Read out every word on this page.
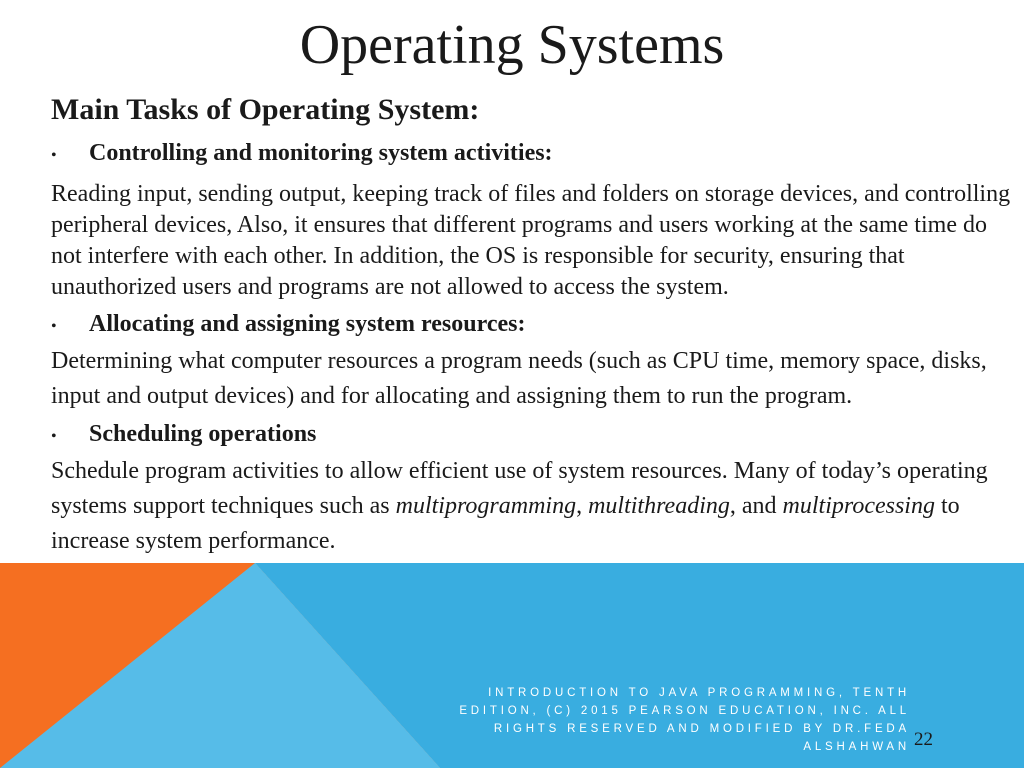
Operating Systems
Main Tasks of Operating System:
•	Controlling and monitoring system activities:

Reading input, sending output, keeping track of files and folders on storage devices, and controlling peripheral devices, Also, it ensures that different programs and users working at the same time do not interfere with each other. In addition, the OS is responsible for security, ensuring that unauthorized users and programs are not allowed to access the system.

•	Allocating and assigning system resources:

Determining what computer resources a program needs (such as CPU time, memory space, disks, input and output devices) and for allocating and assigning them to run the program.

•	Scheduling operations

Schedule program activities to allow efficient use of system resources. Many of today’s operating systems support techniques such as multiprogramming, multithreading, and multiprocessing to increase system performance.

INTRODUCTION TO JAVA PROGRAMMING, TENTH EDITION, (C) 2015 PEARSON EDUCATION, INC. ALL RIGHTS RESERVED AND MODIFIED BY DR.FEDA ALSHAHWAN 22
